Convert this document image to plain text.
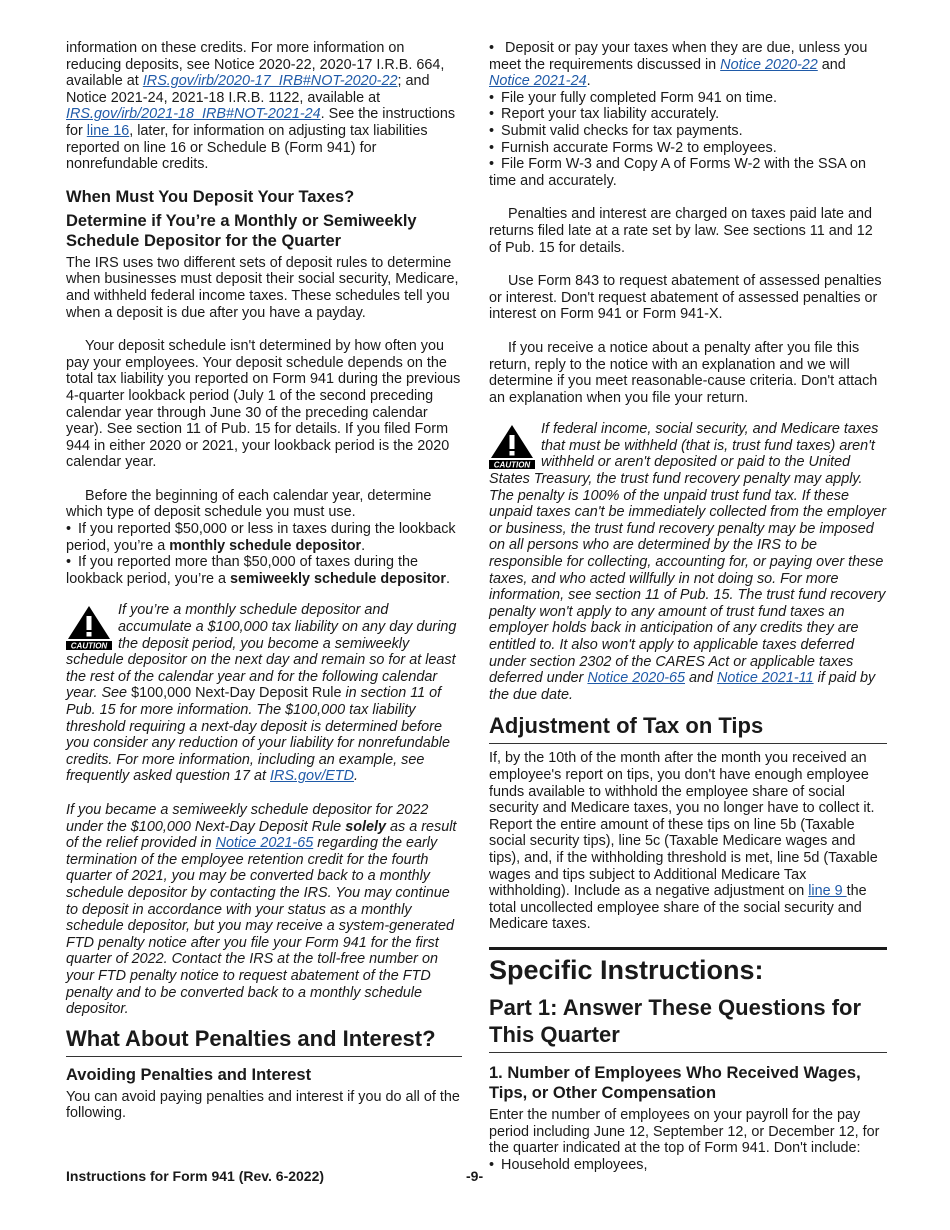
information on these credits. For more information on reducing deposits, see Notice 2020-22, 2020-17 I.R.B. 664, available at IRS.gov/irb/2020-17_IRB#NOT-2020-22; and Notice 2021-24, 2021-18 I.R.B. 1122, available at IRS.gov/irb/2021-18_IRB#NOT-2021-24. See the instructions for line 16, later, for information on adjusting tax liabilities reported on line 16 or Schedule B (Form 941) for nonrefundable credits.

When Must You Deposit Your Taxes?
Determine if You’re a Monthly or Semiweekly Schedule Depositor for the Quarter

The IRS uses two different sets of deposit rules to determine when businesses must deposit their social security, Medicare, and withheld federal income taxes. These schedules tell you when a deposit is due after you have a payday.

Your deposit schedule isn't determined by how often you pay your employees. Your deposit schedule depends on the total tax liability you reported on Form 941 during the previous 4-quarter lookback period (July 1 of the second preceding calendar year through June 30 of the preceding calendar year). See section 11 of Pub. 15 for details. If you filed Form 944 in either 2020 or 2021, your lookback period is the 2020 calendar year.

Before the beginning of each calendar year, determine which type of deposit schedule you must use.

• If you reported $50,000 or less in taxes during the lookback period, you’re a monthly schedule depositor.

• If you reported more than $50,000 of taxes during the lookback period, you’re a semiweekly schedule depositor.

CAUTION
If you’re a monthly schedule depositor and accumulate a $100,000 tax liability on any day during the deposit period, you become a semiweekly schedule depositor on the next day and remain so for at least the rest of the calendar year and for the following calendar year. See $100,000 Next-Day Deposit Rule in section 11 of Pub. 15 for more information. The $100,000 tax liability threshold requiring a next-day deposit is determined before you consider any reduction of your liability for nonrefundable credits. For more information, including an example, see frequently asked question 17 at IRS.gov/ETD.

If you became a semiweekly schedule depositor for 2022 under the $100,000 Next-Day Deposit Rule solely as a result of the relief provided in Notice 2021-65 regarding the early termination of the employee retention credit for the fourth quarter of 2021, you may be converted back to a monthly schedule depositor by contacting the IRS. You may continue to deposit in accordance with your status as a monthly schedule depositor, but you may receive a system-generated FTD penalty notice after you file your Form 941 for the first quarter of 2022. Contact the IRS at the toll-free number on your FTD penalty notice to request abatement of the FTD penalty and to be converted back to a monthly schedule depositor.

What About Penalties and Interest?
Avoiding Penalties and Interest

You can avoid paying penalties and interest if you do all of the following.

• Deposit or pay your taxes when they are due, unless you meet the requirements discussed in Notice 2020-22 and Notice 2021-24.

• File your fully completed Form 941 on time.

• Report your tax liability accurately.

• Submit valid checks for tax payments.

• Furnish accurate Forms W-2 to employees.

• File Form W-3 and Copy A of Forms W-2 with the SSA on time and accurately.

Penalties and interest are charged on taxes paid late and returns filed late at a rate set by law. See sections 11 and 12 of Pub. 15 for details.

Use Form 843 to request abatement of assessed penalties or interest. Don't request abatement of assessed penalties or interest on Form 941 or Form 941-X.

If you receive a notice about a penalty after you file this return, reply to the notice with an explanation and we will determine if you meet reasonable-cause criteria. Don't attach an explanation when you file your return.

CAUTION
If federal income, social security, and Medicare taxes that must be withheld (that is, trust fund taxes) aren't withheld or aren't deposited or paid to the United States Treasury, the trust fund recovery penalty may apply. The penalty is 100% of the unpaid trust fund tax. If these unpaid taxes can't be immediately collected from the employer or business, the trust fund recovery penalty may be imposed on all persons who are determined by the IRS to be responsible for collecting, accounting for, or paying over these taxes, and who acted willfully in not doing so. For more information, see section 11 of Pub. 15. The trust fund recovery penalty won't apply to any amount of trust fund taxes an employer holds back in anticipation of any credits they are entitled to. It also won't apply to applicable taxes deferred under section 2302 of the CARES Act or applicable taxes deferred under Notice 2020-65 and Notice 2021-11 if paid by the due date.
Adjustment of Tax on Tips

If, by the 10th of the month after the month you received an employee's report on tips, you don't have enough employee funds available to withhold the employee share of social security and Medicare taxes, you no longer have to collect it. Report the entire amount of these tips on line 5b (Taxable social security tips), line 5c (Taxable Medicare wages and tips), and, if the withholding threshold is met, line 5d (Taxable wages and tips subject to Additional Medicare Tax withholding). Include as a negative adjustment on line 9 the total uncollected employee share of the social security and Medicare taxes.

Specific Instructions:
Part 1: Answer These Questions for This Quarter
1. Number of Employees Who Received Wages, Tips, or Other Compensation

Enter the number of employees on your payroll for the pay period including June 12, September 12, or December 12, for the quarter indicated at the top of Form 941. Don't include:

• Household employees,

Instructions for Form 941 (Rev. 6-2022)	-9-
